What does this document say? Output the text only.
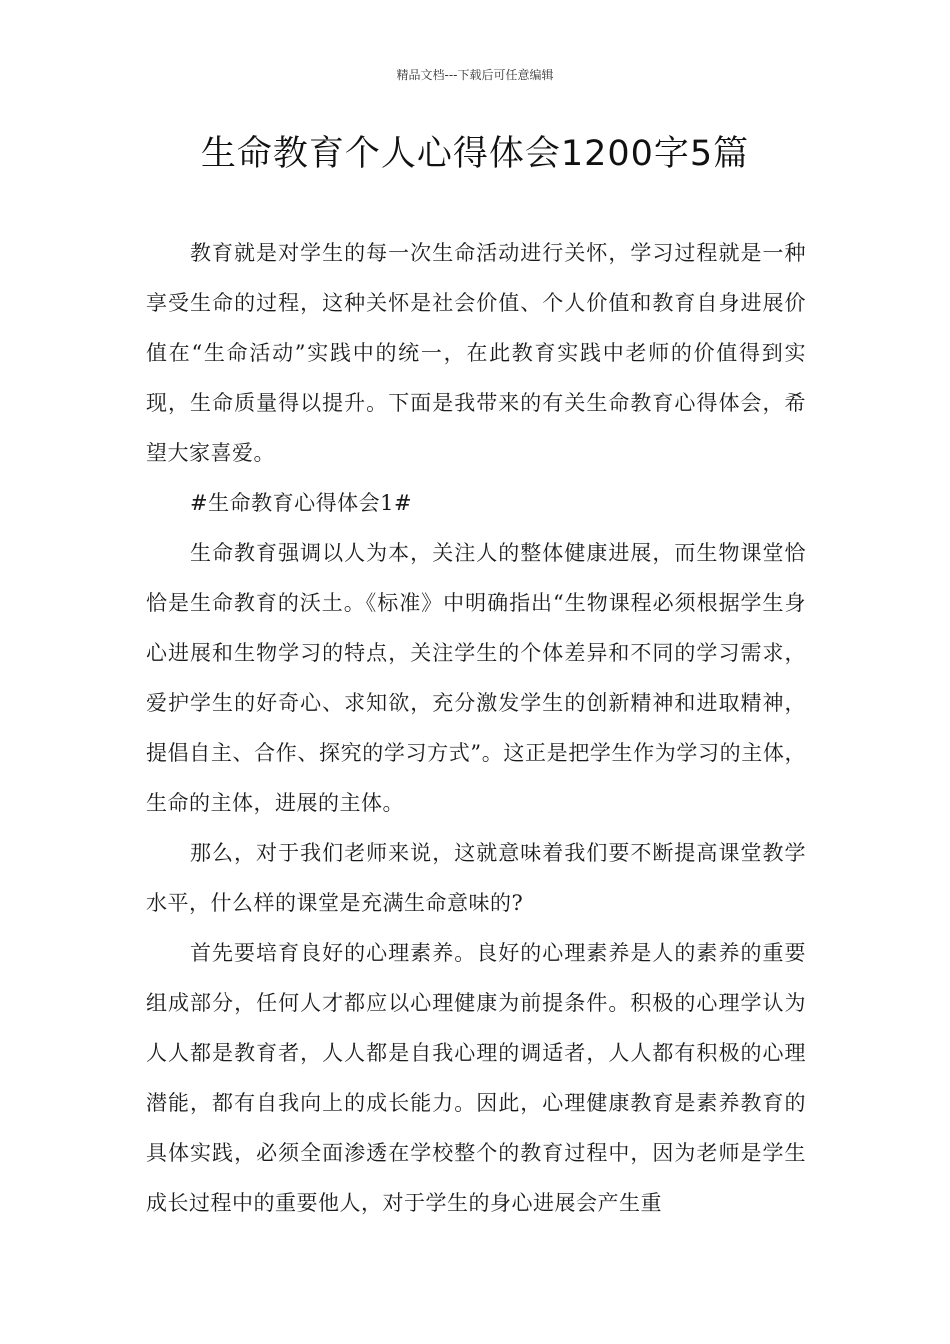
精品文档---下载后可任意编辑
生命教育个人心得体会1200字5篇

教育就是对学生的每一次生命活动进行关怀，学习过程就是一种享受生命的过程，这种关怀是社会价值、个人价值和教育自身进展价值在“生命活动”实践中的统一，在此教育实践中老师的价值得到实现，生命质量得以提升。下面是我带来的有关生命教育心得体会，希望大家喜爱。

#生命教育心得体会1#

生命教育强调以人为本，关注人的整体健康进展，而生物课堂恰恰是生命教育的沃土。《标准》中明确指出“生物课程必须根据学生身心进展和生物学习的特点，关注学生的个体差异和不同的学习需求，爱护学生的好奇心、求知欲，充分激发学生的创新精神和进取精神，提倡自主、合作、探究的学习方式”。这正是把学生作为学习的主体，生命的主体，进展的主体。

那么，对于我们老师来说，这就意味着我们要不断提高课堂教学水平，什么样的课堂是充满生命意味的?

首先要培育良好的心理素养。良好的心理素养是人的素养的重要组成部分，任何人才都应以心理健康为前提条件。积极的心理学认为人人都是教育者，人人都是自我心理的调适者，人人都有积极的心理潜能，都有自我向上的成长能力。因此，心理健康教育是素养教育的具体实践，必须全面渗透在学校整个的教育过程中，因为老师是学生成长过程中的重要他人，对于学生的身心进展会产生重
